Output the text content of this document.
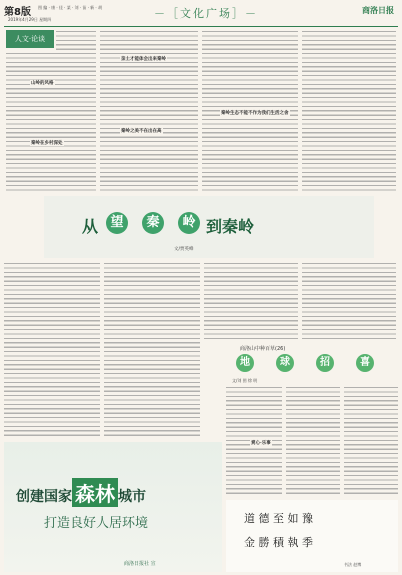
第8版 图 编 · 康 · 佳 · 某 · 刘 · 苗 · 新 · 胡
2019年4月29日 星期四	－［文化广场］－	商洛日报
人文·论谈
山岭的风格
秦岭在乡村深处
亲土才能体会出来秦岭
秦岭之美不在出在高
秦岭生态不能不作为我们生活之舍
从 望	秦	岭 到秦岭
文/贾英峰
创建国家 森林 城市
打造良好人居环境
商洛日报社 宣
商洛山中种百草(26)
地	球	招	喜
文/刘 图 徐 明
赏心·乐事
道 德 至 如 豫
金 勝 積 執 季
书法 赵博
